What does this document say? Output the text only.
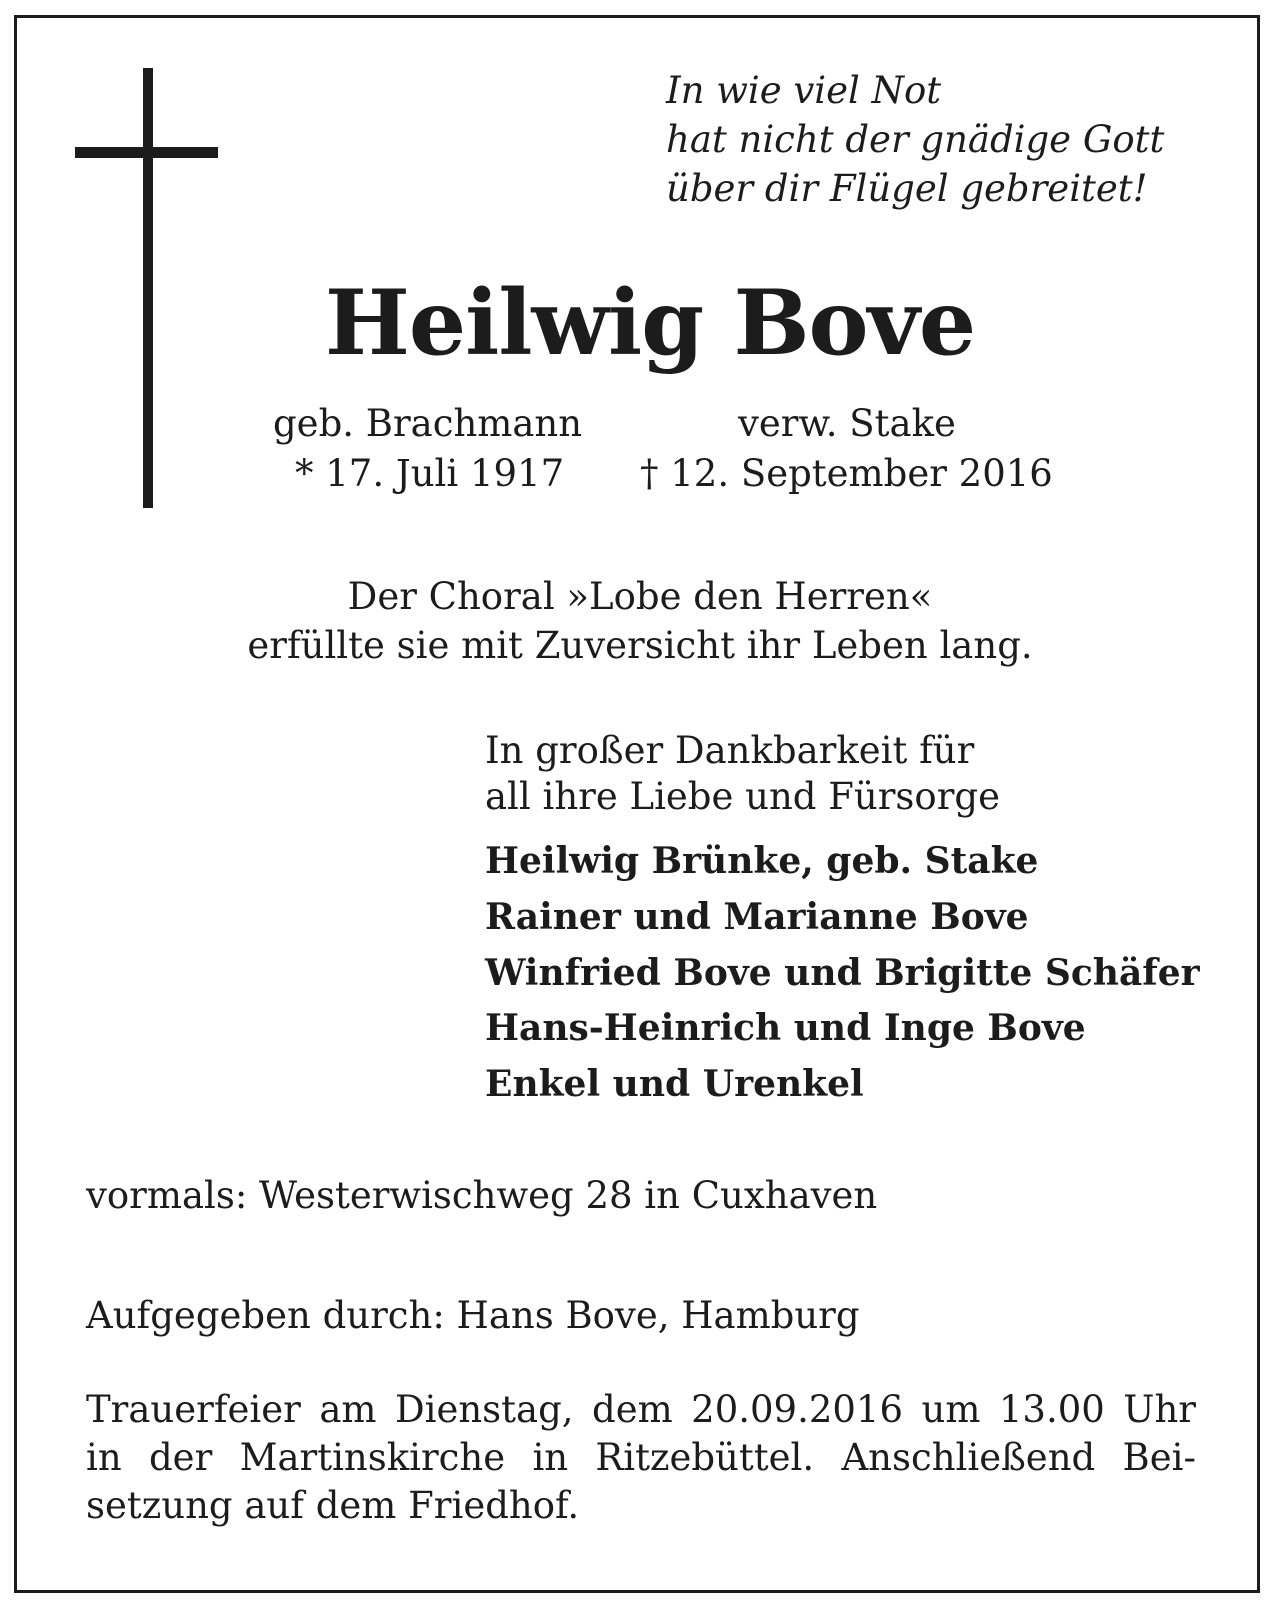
In wie viel Not
hat nicht der gnädige Gott
über dir Flügel gebreitet!
Heilwig Bove
geb. Brachmann	verw. Stake
* 17. Juli 1917 † 12. September 2016
Der Choral »Lobe den Herren«
erfüllte sie mit Zuversicht ihr Leben lang.
In großer Dankbarkeit für
all ihre Liebe und Fürsorge
Heilwig Brünke, geb. Stake
Rainer und Marianne Bove
Winfried Bove und Brigitte Schäfer
Hans-Heinrich und Inge Bove
Enkel und Urenkel
vormals: Westerwischweg 28 in Cuxhaven
Aufgegeben durch: Hans Bove, Hamburg
Trauerfeier am Dienstag, dem 20.09.2016 um 13.00 Uhr
in der Martinskirche in Ritzebüttel. Anschließend Bei-
setzung auf dem Friedhof.
